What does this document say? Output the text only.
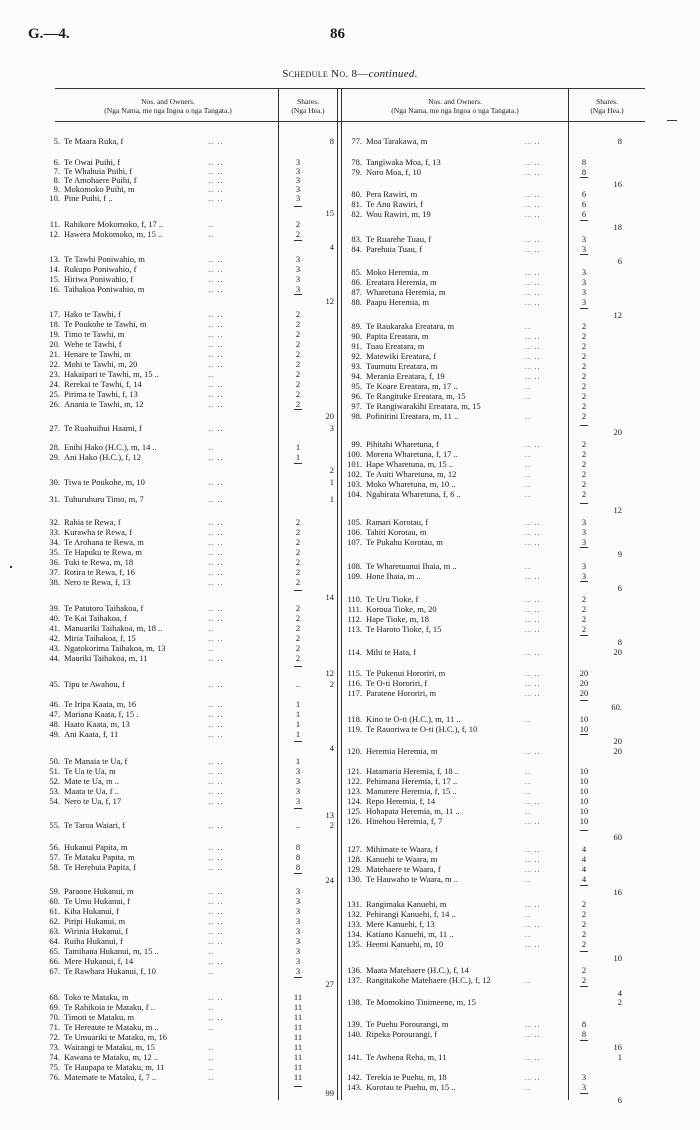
G.—4.	86
Schedule No. 8—continued.
Nos. and Owners.
(Nga Nama, me nga Ingoa o nga Tangata.)
Shares.
(Nga Hea.)
Nos. and Owners.
(Nga Nama, me nga Ingoa o nga Tangata.)
Shares.
(Nga Hea.)
5. Te Maara Ruka, f	.. ..	8
6. Te Owai Puihi, f	.. ..	3
7. Te Whahuia Puihi, f	.. ..	3
8. Te Amohaere Puihi, f	.. ..	3
9. Mokomoko Puihi, m	.. ..	3
10. Pine Puihi, f ..	.. ..	3
15
11. Rahikore Mokomoko, f, 17 ..	..	2
12. Hawera Mokomoko, m, 15 ..	..	2
4
13. Te Tawhi Poniwahio, m	.. ..	3
14. Rukupo Poniwahio, f	.. ..	3
15. Hiriwa Poniwahio, f	.. ..	3
16. Taihakoa Poniwahio, m	.. ..	3
12
17. Hako te Tawhi, f	.. ..	2
18. Te Poukohe te Tawhi, m	.. ..	2
19. Timo te Tawhi, m	.. ..	2
20. Wehe te Tawhi, f	.. ..	2
21. Henare te Tawhi, m	.. ..	2
22. Mohi te Tawhi, m, 20	.. ..	2
23. Hakaipari te Tawhi, m, 15 ..	..	2
24. Rerekai te Tawhi, f, 14	.. ..	2
25. Pirima te Tawhi, f, 13	.. ..	2
26. Anania te Tawhi, m, 12	.. ..	2
20
27. Te Ruahuihui Haami, f	.. ..	3
28. Enihi Hako (H.C.), m, 14 ..	..	1
29. Ani Hako (H.C.), f, 12	.. ..	1
2
30. Tiwa te Poukohe, m, 10	.. ..	1
31. Tuhuruhuru Timo, m, 7	.. ..	1
32. Rahia te Rewa, f	.. ..	2
33. Kurawha te Rewa, f	.. ..	2
34. Te Arohana te Rewa, m	.. ..	2
35. Te Hapuku te Rewa, m	.. ..	2
36. Tuki te Rewa, m, 18	.. ..	2
37. Rotira te Rewa, f, 16	.. ..	2
38. Nero te Rewa, f, 13	.. ..	2
14
39. Te Patutoro Taihakoa, f	.. ..	2
40. Te Kai Taihakoa, f	.. ..	2
41. Manuariki Taihakoa, m, 18 ..	..	2
42. Miria Taihakoa, f, 15	.. ..	2
43. Ngatokorima Taihakoa, m, 13	..	2
44. Mauriki Taihakoa, m, 11	.. ..	2
12
45. Tipu te Awahou, f	.. ..	..	2
46. Te Iripa Kaata, m, 16	.. ..	1
47. Mariana Kaata, f, 15 .	.. ..	1
48. Haato Kaata, m, 13	.. ..	1
49. Ani Kaata, f, 11	.. ..	1
4
50. Te Manaia te Ua, f	.. ..	1
51. Te Ua te Ua, m	.. ..	3
52. Mate te Ua, m ..	.. ..	3
53. Maata te Ua, f ..	.. ..	3
54. Nero te Ua, f, 17	.. ..	3
13
55. Te Taroa Waiari, f	.. ..	..	2
56. Hukanui Papita, m	.. ..	8
57. Te Mataku Papita, m	.. ..	8
58. Te Herehuia Papita, f	.. ..	8
24
59. Paraone Hukanui, m	.. ..	3
60. Te Umu Hukanui, f	.. ..	3
61. Kiha Hukanui, f	.. ..	3
62. Piripi Hukanui, m	.. ..	3
63. Wirinia Hukanui, f	.. ..	3
64. Ruiha Hukanui, f	.. ..	3
65. Tamihana Hukanui, m, 15 ..	..	3
66. Mere Hukanui, f, 14	.. ..	3
67. Te Rawhara Hukanui, f, 10	..	3
27
68. Toko te Mataku, m	.. ..	11
69. Te Rahikoia te Mataku, f ..	..	11
70. Timoti te Mataku, m	.. ..	11
71. Te Hereaute te Mataku, m ..	..	11
72. Te Umuariki te Mataku, m, 16	11
73. Wairangi te Mataku, m, 15	..	11
74. Kawana te Mataku, m, 12 ..	..	11
75. Te Haupapa te Mataku, m, 11	..	11
76. Matemate te Mataku, f, 7 ..	..	11
99
77. Moa Tarakawa, m	.. ..	8
78. Tangiwaka Moa, f, 13	.. ..	8
79. Noro Moa, f, 10	.. ..	8
16
80. Pera Rawiri, m	.. ..	6
81. Te Anu Rawiri, f	.. ..	6
82. Wou Rawiri, m, 19	.. ..	6
18
83. Te Ruarehe Tuau, f	.. ..	3
84. Parehuia Tuau, f	.. ..	3
6
85. Moko Heremia, m	.. ..	3
86. Ereatara Heremia, m	.. ..	3
87. Wharetuna Heremia, m	.. ..	3
88. Paapu Heremia, m	.. ..	3
12
89. Te Raukaraka Ereatara, m	..	2
90. Papita Ereatara, m	.. ..	2
91. Tuau Ereatara, m	.. ..	2
92. Matewiki Ereatara, f	.. ..	2
93. Taumutu Ereatara, m	.. ..	2
94. Merania Ereatara, f, 19	.. ..	2
95. Te Koare Ereatara, m, 17 ..	..	2
96. Te Rangituke Ereatara, m, 15	..	2
97. Te Rangiwarakihi Ereatara, m, 15	2
98. Pofinitini Ereatara, m, 11 ..	..	2
20
99. Pihitahi Wharetuna, f	.. ..	2
100. Morena Wharetuna, f, 17 ..	..	2
101. Hape Wharetuna, m, 15 ..	..	2
102. Te Auiti Wharetuna, m, 12	..	2
103. Moko Wharetuna, m, 10 ..	..	2
104. Ngahirata Wharetuna, f, 6 ..	..	2
12
105. Ramari Korotau, f	.. ..	3
106. Tahiti Korotau, m	.. ..	3
107. Te Pukahu Korotau, m	.. ..	3
9
108. Te Wharetuanui Ihaia, m ..	..	3
109. Hone Ihaia, m ..	.. ..	3
6
110. Te Uru Tioke, f	.. ..	2
111. Koroua Tioke, m, 20	.. ..	2
112. Hape Tioke, m, 18	.. ..	2
113. Te Haroto Tioke, f, 15	.. ..	2
8
114. Mihi te Hata, f	.. ..	20
115. Te Pukenui Hororiri, m	.. ..	20
116. Te O-ti Hororiri, f	.. ..	20
117. Paratene Hororiri, m	.. ..	20
60.
118. Kino te O-ti (H.C.), m, 11 ..	..	10
119. Te Rauoriwa te O-ti (H.C.), f, 10	10
20
120. Heremia Heremia, m	.. ..	20
121. Hatamaria Heremia, f, 18 ..	..	10
122. Pehimana Heremia, f, 17 ..	..	10
123. Manurere Heremia, f, 15 ..	..	10
124. Repo Heremia, f, 14	.. ..	10
125. Hohapata Heremia, m, 11 ..	..	10
126. Hinehou Heremia, f, 7	.. ..	10
60
127. Mihimate te Waara, f	.. ..	4
128. Kanuehi te Waara, m	.. ..	4
129. Matehaere te Waara, f	.. ..	4
130. Te Hauwaho te Waara, m ..	..	4
16
131. Rangimaka Kanuehi, m	.. ..	2
132. Pehirangi Kanuehi, f, 14 ..	..	2
133. Mere Kanuehi, f, 13	.. ..	2
134. Katiano Kanuehi, m, 11 ..	..	2
135. Heemi Kanuehi, m, 10	.. ..	2
10
136. Maata Matehaere (H.C.), f, 14	2
137. Rangitakohe Matehaere (H.C.), f, 12	..	2
4
138. Te Momokino Tinimeene, m, 15	2
139. Te Puehu Porourangi, m	.. ..	8
140. Ripeka Porourangi, f	.. ..	8
16
141. Te Awhena Reha, m, 11	.. ..	1
142. Terekia te Puehu, m, 18	.. ..	3
143. Korotau te Puehu, m, 15 ..	..	3
6
